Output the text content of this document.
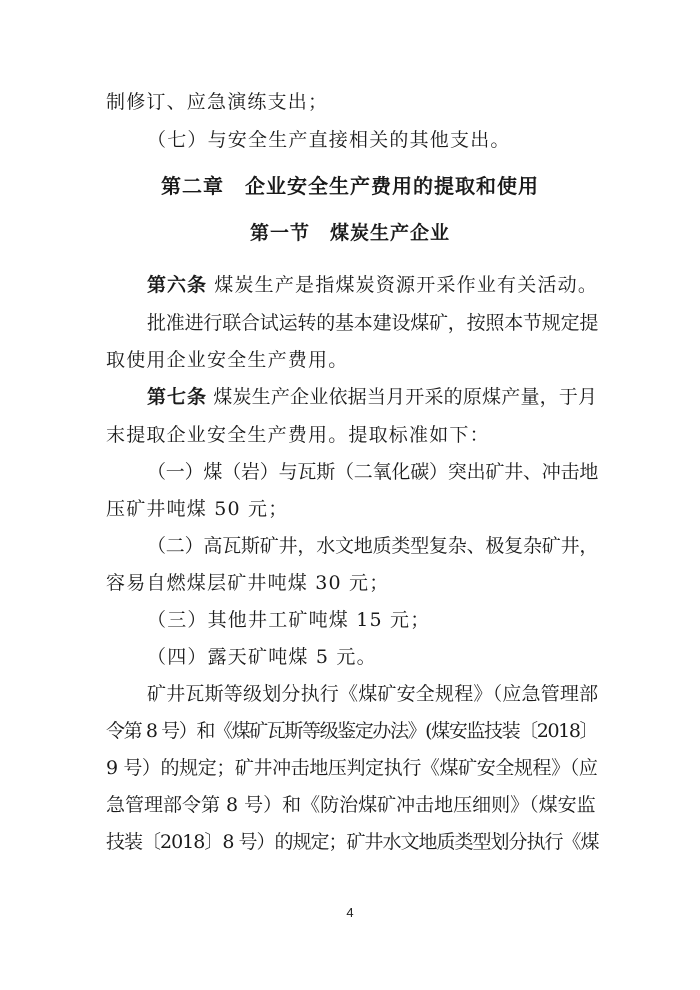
制修订、应急演练支出；
（七）与安全生产直接相关的其他支出。
第二章　企业安全生产费用的提取和使用
第一节　煤炭生产企业
第六条 煤炭生产是指煤炭资源开采作业有关活动。
批准进行联合试运转的基本建设煤矿，按照本节规定提
取使用企业安全生产费用。
第七条 煤炭生产企业依据当月开采的原煤产量，于月
末提取企业安全生产费用。提取标准如下：
（一）煤（岩）与瓦斯（二氧化碳）突出矿井、冲击地
压矿井吨煤 50 元；
（二）高瓦斯矿井，水文地质类型复杂、极复杂矿井，
容易自燃煤层矿井吨煤 30 元；
（三）其他井工矿吨煤 15 元；
（四）露天矿吨煤 5 元。
矿井瓦斯等级划分执行《煤矿安全规程》（应急管理部
令第 8 号）和《煤矿瓦斯等级鉴定办法》(煤安监技装〔2018〕
9 号）的规定；矿井冲击地压判定执行《煤矿安全规程》（应
急管理部令第 8 号）和《防治煤矿冲击地压细则》（煤安监
技装〔2018〕8 号）的规定；矿井水文地质类型划分执行《煤
4
